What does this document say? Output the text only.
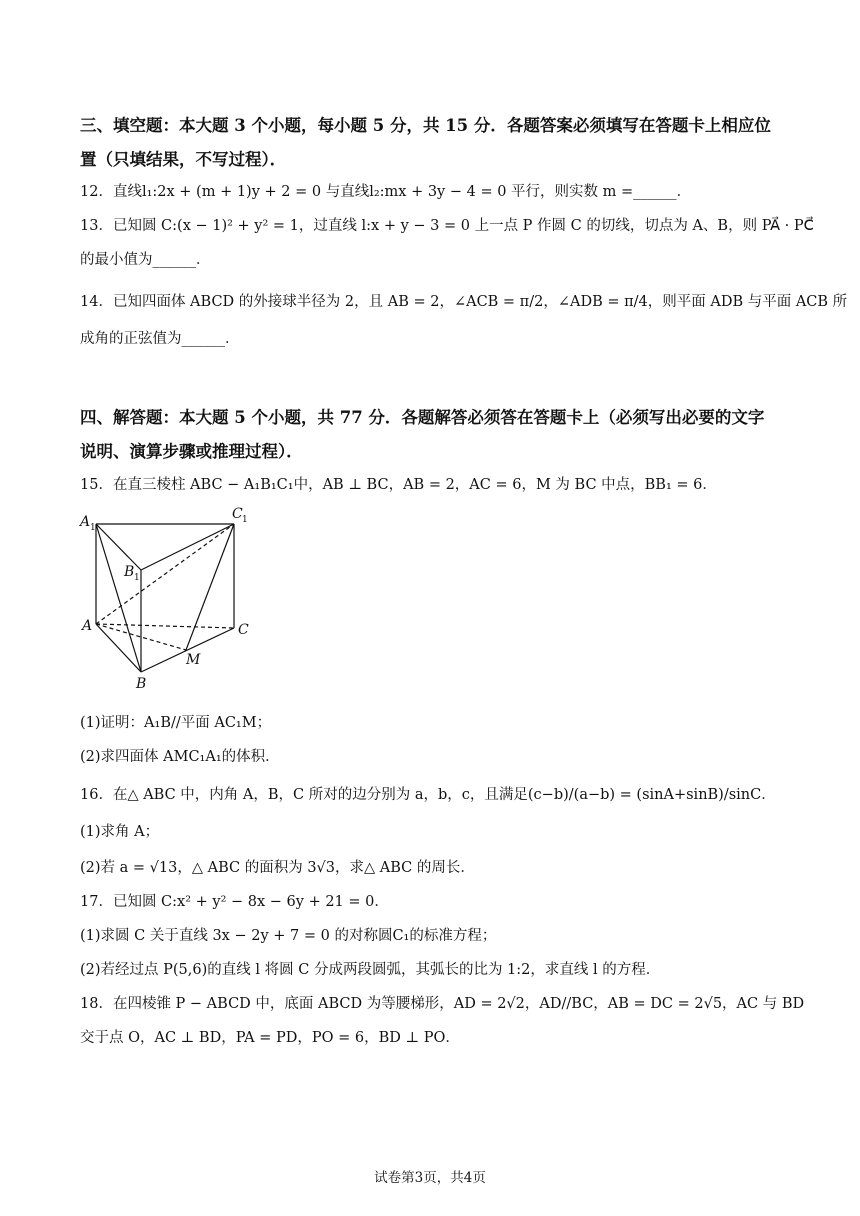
三、填空题：本大题 3 个小题，每小题 5 分，共 15 分．各题答案必须填写在答题卡上相应位
置（只填结果，不写过程）．
12．直线l₁:2x + (m + 1)y + 2 = 0 与直线l₂:mx + 3y − 4 = 0 平行，则实数 m =______．
13．已知圆 C:(x − 1)² + y² = 1，过直线 l:x + y − 3 = 0 上一点 P 作圆 C 的切线，切点为 A、B，则 PA⃗ · PC⃗
的最小值为______．
14．已知四面体 ABCD 的外接球半径为 2，且 AB = 2，∠ACB = π/2，∠ADB = π/4，则平面 ADB 与平面 ACB 所
成角的正弦值为______．
四、解答题：本大题 5 个小题，共 77 分．各题解答必须答在答题卡上（必须写出必要的文字
说明、演算步骤或推理过程）．
15．在直三棱柱 ABC − A₁B₁C₁中，AB ⊥ BC，AB = 2，AC = 6，M 为 BC 中点，BB₁ = 6．
A 1
C 1
B 1
A	C
M
B
(1)证明：A₁B//平面 AC₁M；
(2)求四面体 AMC₁A₁的体积．
16．在△ ABC 中，内角 A，B，C 所对的边分别为 a，b，c，且满足(c−b)/(a−b) = (sinA+sinB)/sinC．
(1)求角 A；
(2)若 a = √13，△ ABC 的面积为 3√3，求△ ABC 的周长．
17．已知圆 C:x² + y² − 8x − 6y + 21 = 0．
(1)求圆 C 关于直线 3x − 2y + 7 = 0 的对称圆C₁的标准方程；
(2)若经过点 P(5,6)的直线 l 将圆 C 分成两段圆弧，其弧长的比为 1:2，求直线 l 的方程．
18．在四棱锥 P − ABCD 中，底面 ABCD 为等腰梯形，AD = 2√2，AD//BC，AB = DC = 2√5，AC 与 BD
交于点 O，AC ⊥ BD，PA = PD，PO = 6，BD ⊥ PO．
试卷第3页，共4页
